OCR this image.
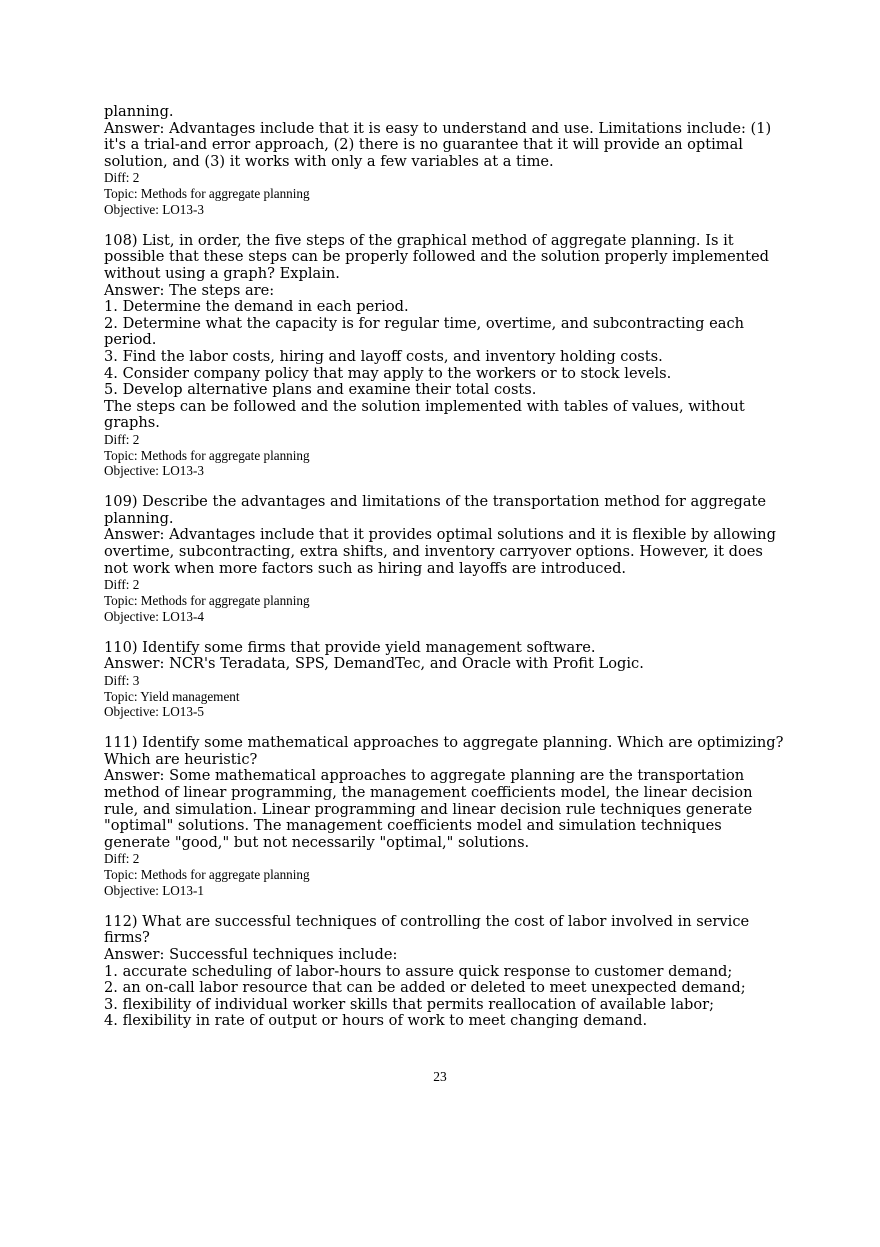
planning.
Answer: Advantages include that it is easy to understand and use. Limitations include: (1) it's a trial-and error approach, (2) there is no guarantee that it will provide an optimal solution, and (3) it works with only a few variables at a time.
Diff: 2
Topic: Methods for aggregate planning
Objective: LO13-3
108) List, in order, the five steps of the graphical method of aggregate planning. Is it possible that these steps can be properly followed and the solution properly implemented without using a graph? Explain.
Answer: The steps are:
1. Determine the demand in each period.
2. Determine what the capacity is for regular time, overtime, and subcontracting each period.
3. Find the labor costs, hiring and layoff costs, and inventory holding costs.
4. Consider company policy that may apply to the workers or to stock levels.
5. Develop alternative plans and examine their total costs.
The steps can be followed and the solution implemented with tables of values, without graphs.
Diff: 2
Topic: Methods for aggregate planning
Objective: LO13-3
109) Describe the advantages and limitations of the transportation method for aggregate planning.
Answer: Advantages include that it provides optimal solutions and it is flexible by allowing overtime, subcontracting, extra shifts, and inventory carryover options. However, it does not work when more factors such as hiring and layoffs are introduced.
Diff: 2
Topic: Methods for aggregate planning
Objective: LO13-4
110) Identify some firms that provide yield management software.
Answer: NCR's Teradata, SPS, DemandTec, and Oracle with Profit Logic.
Diff: 3
Topic: Yield management
Objective: LO13-5
111) Identify some mathematical approaches to aggregate planning. Which are optimizing? Which are heuristic?
Answer: Some mathematical approaches to aggregate planning are the transportation method of linear programming, the management coefficients model, the linear decision rule, and simulation. Linear programming and linear decision rule techniques generate "optimal" solutions. The management coefficients model and simulation techniques generate "good," but not necessarily "optimal," solutions.
Diff: 2
Topic: Methods for aggregate planning
Objective: LO13-1
112) What are successful techniques of controlling the cost of labor involved in service firms?
Answer: Successful techniques include:
1. accurate scheduling of labor-hours to assure quick response to customer demand;
2. an on-call labor resource that can be added or deleted to meet unexpected demand;
3. flexibility of individual worker skills that permits reallocation of available labor;
4. flexibility in rate of output or hours of work to meet changing demand.
23
